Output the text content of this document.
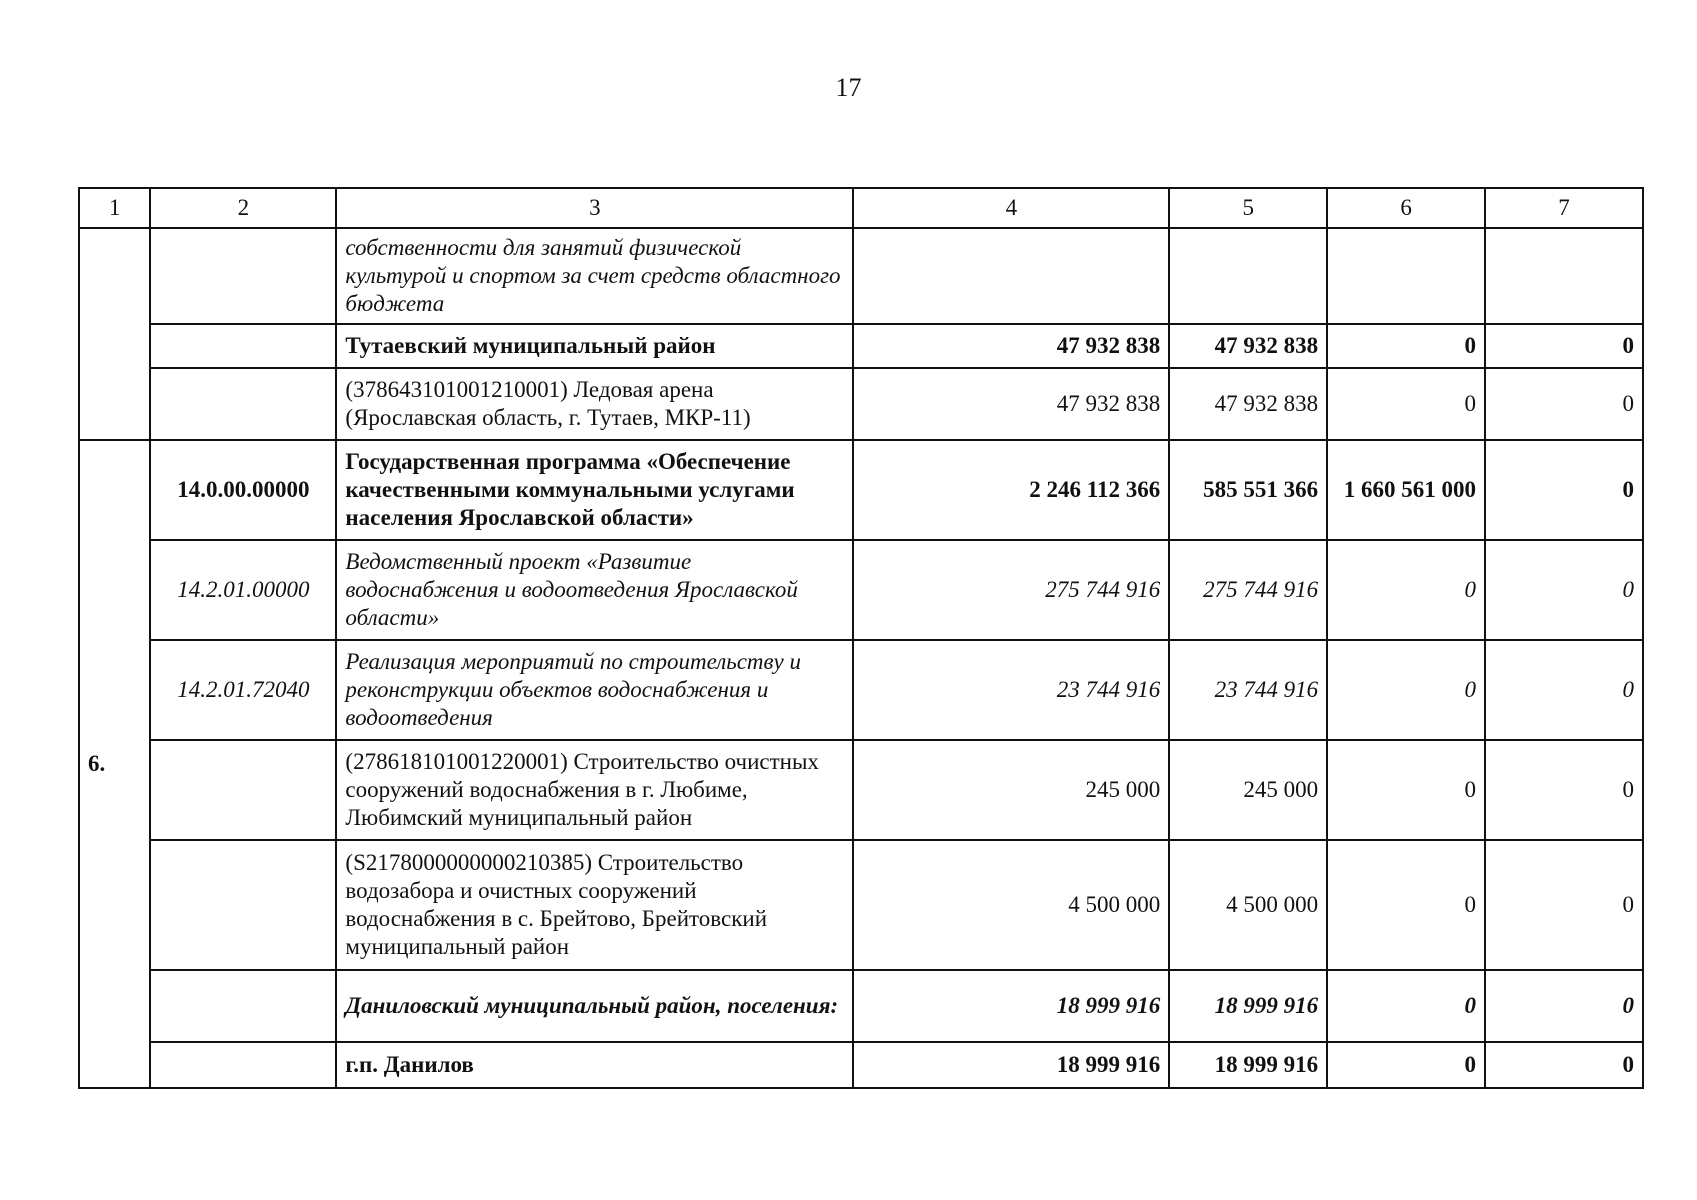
17
1	2	3	4	5	6	7
		собственности для занятий физической культурой и спортом за счет средств областного бюджета				
		Тутаевский муниципальный район	47 932 838	47 932 838	0	0
		(378643101001210001) Ледовая арена (Ярославская область, г. Тутаев, МКР-11)	47 932 838	47 932 838	0	0
6.	14.0.00.00000	Государственная программа «Обеспечение качественными коммунальными услугами населения Ярославской области»	2 246 112 366	585 551 366	1 660 561 000	0
	14.2.01.00000	Ведомственный проект «Развитие водоснабжения и водоотведения Ярославской области»	275 744 916	275 744 916	0	0
	14.2.01.72040	Реализация мероприятий по строительству и реконструкции объектов водоснабжения и водоотведения	23 744 916	23 744 916	0	0
		(278618101001220001) Строительство очистных сооружений водоснабжения в г. Любиме, Любимский муниципальный район	245 000	245 000	0	0
		(S2178000000000210385) Строительство водозабора и очистных сооружений водоснабжения в с. Брейтово, Брейтовский муниципальный район	4 500 000	4 500 000	0	0
		Даниловский муниципальный район, поселения:	18 999 916	18 999 916	0	0
		г.п. Данилов	18 999 916	18 999 916	0	0
